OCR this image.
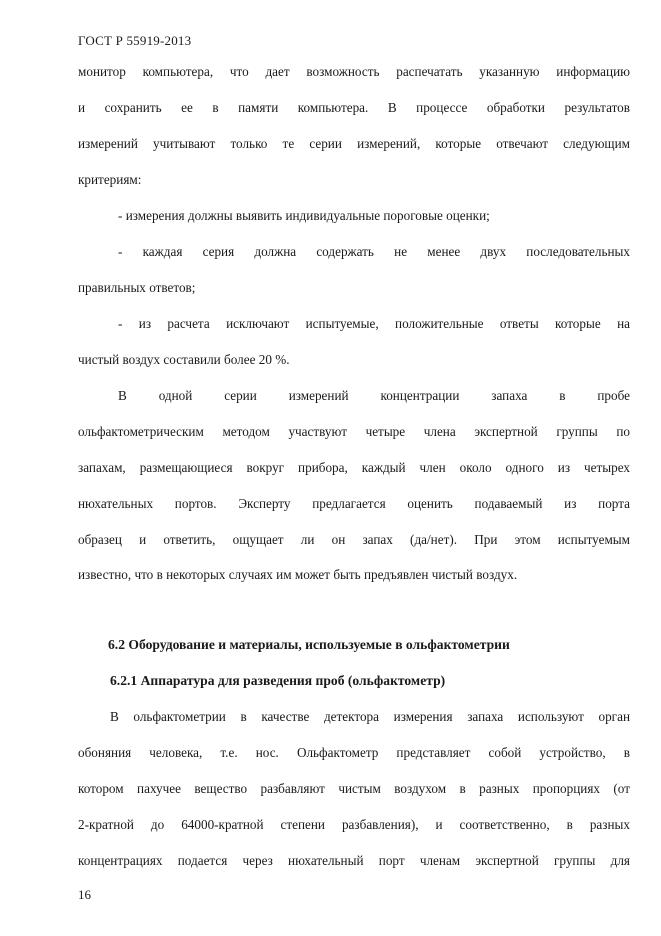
ГОСТ Р 55919-2013
монитор компьютера, что дает возможность распечатать указанную информацию
и сохранить ее в памяти компьютера. В процессе обработки результатов
измерений учитывают только те серии измерений, которые отвечают следующим
критериям:
- измерения должны выявить индивидуальные пороговые оценки;
- каждая серия должна содержать не менее двух последовательных
правильных ответов;
- из расчета исключают испытуемые, положительные ответы которые на
чистый воздух составили более 20 %.
В одной серии измерений концентрации запаха в пробе
ольфактометрическим методом участвуют четыре члена экспертной группы по
запахам, размещающиеся вокруг прибора, каждый член около одного из четырех
нюхательных портов. Эксперту предлагается оценить подаваемый из порта
образец и ответить, ощущает ли он запах (да/нет). При этом испытуемым
известно, что в некоторых случаях им может быть предъявлен чистый воздух.
6.2 Оборудование и материалы, используемые в ольфактометрии
6.2.1 Аппаратура для разведения проб (ольфактометр)
В ольфактометрии в качестве детектора измерения запаха используют орган
обоняния человека, т.е. нос. Ольфактометр представляет собой устройство, в
котором пахучее вещество разбавляют чистым воздухом в разных пропорциях (от
2-кратной до 64000-кратной степени разбавления), и соответственно, в разных
концентрациях подается через нюхательный порт членам экспертной группы для
16
